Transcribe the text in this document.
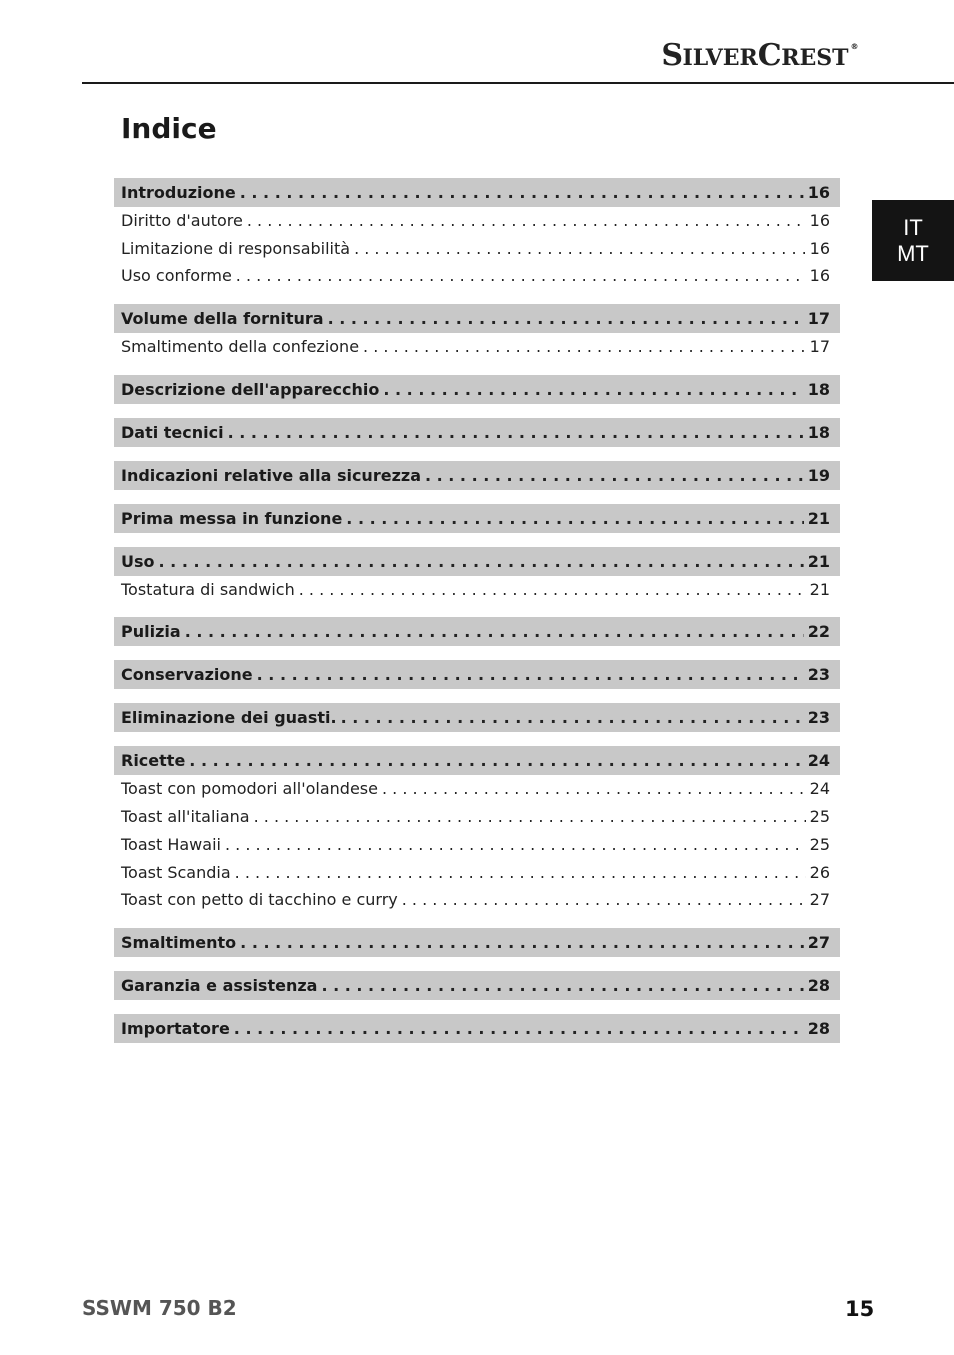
SILVERCREST ®
Indice
IT
MT
Introduzione . . .	16
Diritto d'autore . . .	16
Limitazione di responsabilità . . .	16
Uso conforme . . .	16
Volume della fornitura . . .	17
Smaltimento della confezione . . .	17
Descrizione dell'apparecchio . . .	18
Dati tecnici . . .	18
Indicazioni relative alla sicurezza . . .	19
Prima messa in funzione . . .	21
Uso . . .	21
Tostatura di sandwich . . .	21
Pulizia . . .	22
Conservazione . . .	23
Eliminazione dei guasti. . . .	23
Ricette . . .	24
Toast con pomodori all'olandese . . .	24
Toast all'italiana . . .	25
Toast Hawaii . . .	25
Toast Scandia . . .	26
Toast con petto di tacchino e curry . . .	27
Smaltimento . . .	27
Garanzia e assistenza . . .	28
Importatore . . .	28
SSWM 750 B2	15
